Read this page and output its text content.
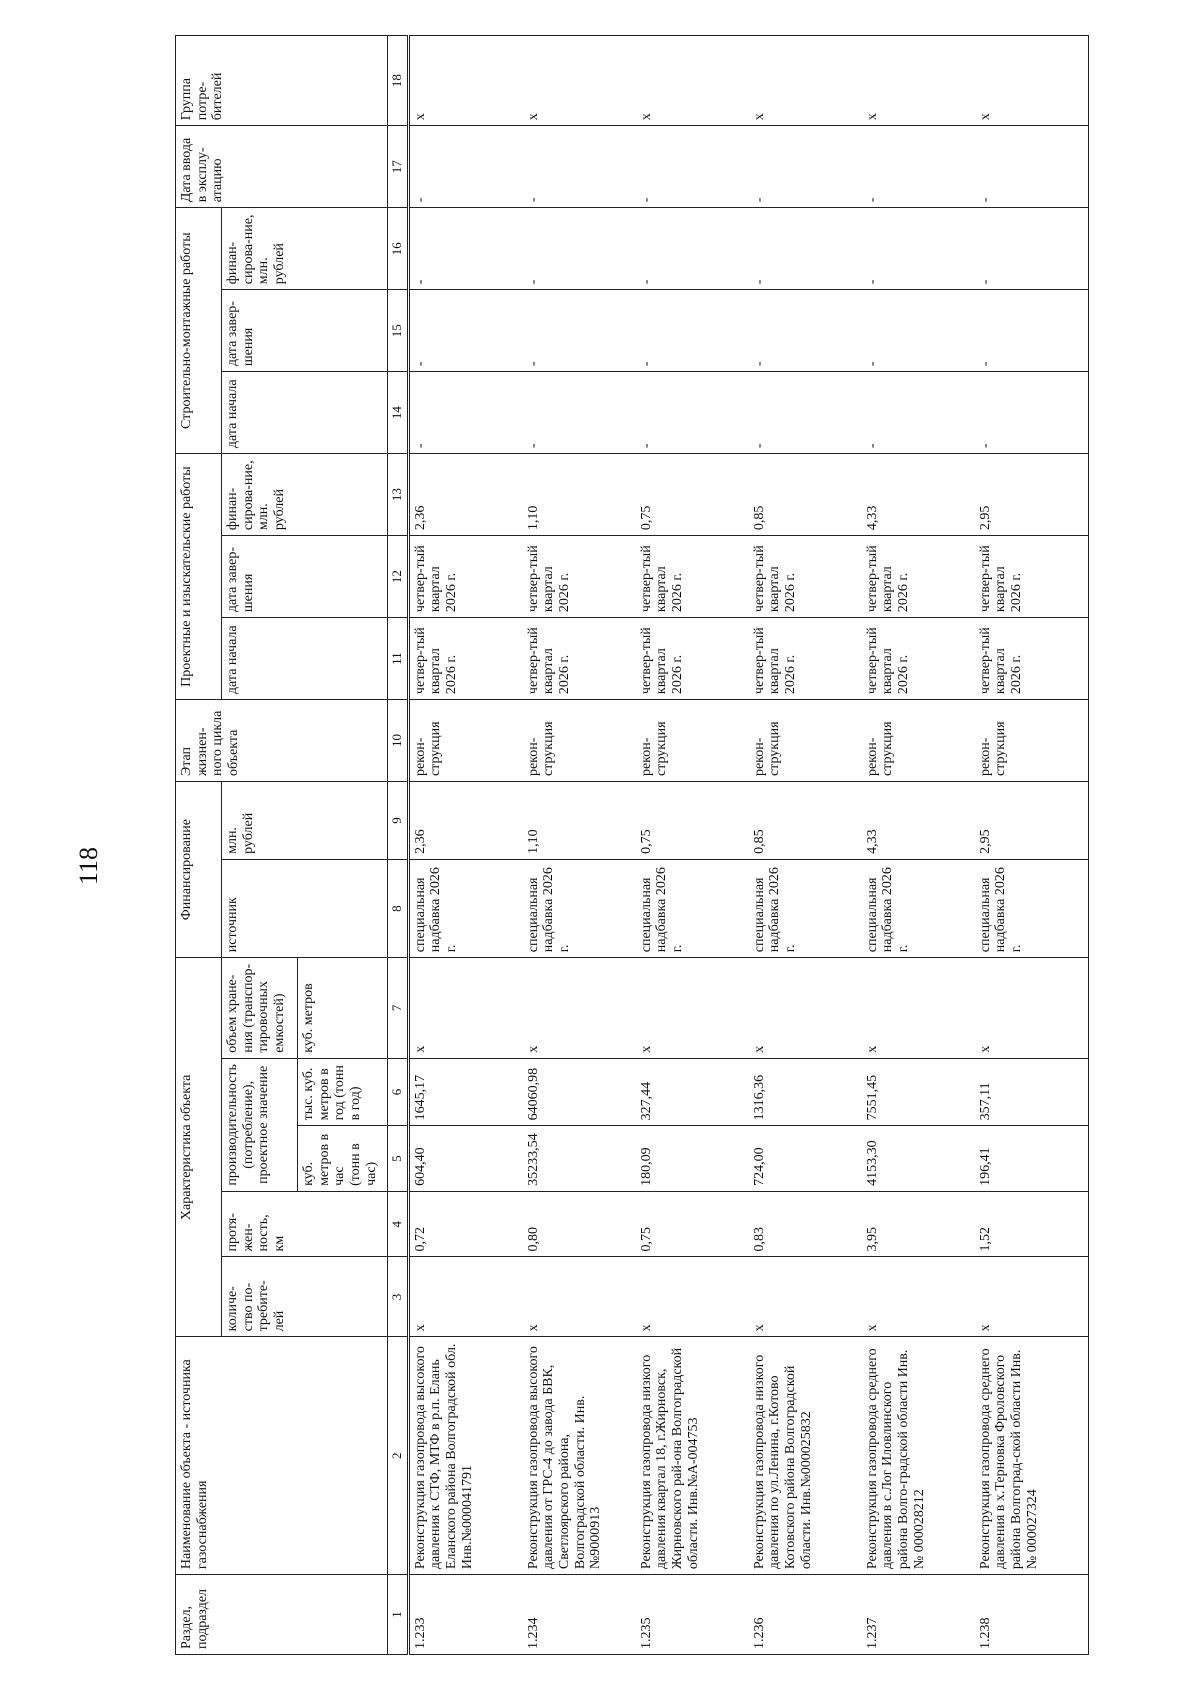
118
Раздел, подраздел	Наименование объекта - источника газоснабжения	Характеристика объекта					Финансирование		Этап жизнен-ного цикла объекта	Проектные и изыскательские работы			Строительно-монтажные работы			Дата ввода в эксплу-атацию	Группа потре-бителей
		количе-ство по-требите-лей	протя-жен-ность, км	производительность (потребление), проектное значение		объем хране-ния (транспор-тировочных емкостей)	источник	млн. рублей		дата начала	дата завер-шения	финан-сирова-ние, млн. рублей	дата начала	дата завер-шения	финан-сирова-ние, млн. рублей		
				куб. метров в час (тонн в час)	тыс. куб. метров в год (тонн в год)	куб. метров											
1	2	3	4	5	6	7	8	9	10	11	12	13	14	15	16	17	18
1.233	Реконструкция газопровода высокого давления к СТФ, МТФ в р.п. Елань Еланского района Волгоградской обл. Инв.№000041791	x	0,72	604,40	1645,17	x	специальная надбавка 2026 г.	2,36	рекон-струкция	четвер-тый квартал 2026 г.	четвер-тый квартал 2026 г.	2,36	-	-	-	-	x
1.234	Реконструкция газопровода высокого давления от ГРС-4 до завода БВК, Светлоярского района, Волгоградской области. Инв.№9000913	x	0,80	35233,54	64060,98	x	специальная надбавка 2026 г.	1,10	рекон-струкция	четвер-тый квартал 2026 г.	четвер-тый квартал 2026 г.	1,10	-	-	-	-	x
1.235	Реконструкция газопровода низкого давления квартал 18, г.Жирновск, Жирновского рай-она Волгоградской области. Инв.№А-004753	x	0,75	180,09	327,44	x	специальная надбавка 2026 г.	0,75	рекон-струкция	четвер-тый квартал 2026 г.	четвер-тый квартал 2026 г.	0,75	-	-	-	-	x
1.236	Реконструкция газопровода низкого давления по ул.Ленина, г.Котово Котовского района Волгоградской области. Инв.№000025832	x	0,83	724,00	1316,36	x	специальная надбавка 2026 г.	0,85	рекон-струкция	четвер-тый квартал 2026 г.	четвер-тый квартал 2026 г.	0,85	-	-	-	-	x
1.237	Реконструкция газопровода среднего давления в с.Лог Иловлинского района Волго-градской области Инв.№ 000028212	x	3,95	4153,30	7551,45	x	специальная надбавка 2026 г.	4,33	рекон-струкция	четвер-тый квартал 2026 г.	четвер-тый квартал 2026 г.	4,33	-	-	-	-	x
1.238	Реконструкция газопровода среднего давления в х.Терновка Фроловского района Волгоград-ской области Инв.№ 000027324	x	1,52	196,41	357,11	x	специальная надбавка 2026 г.	2,95	рекон-струкция	четвер-тый квартал 2026 г.	четвер-тый квартал 2026 г.	2,95	-	-	-	-	x
